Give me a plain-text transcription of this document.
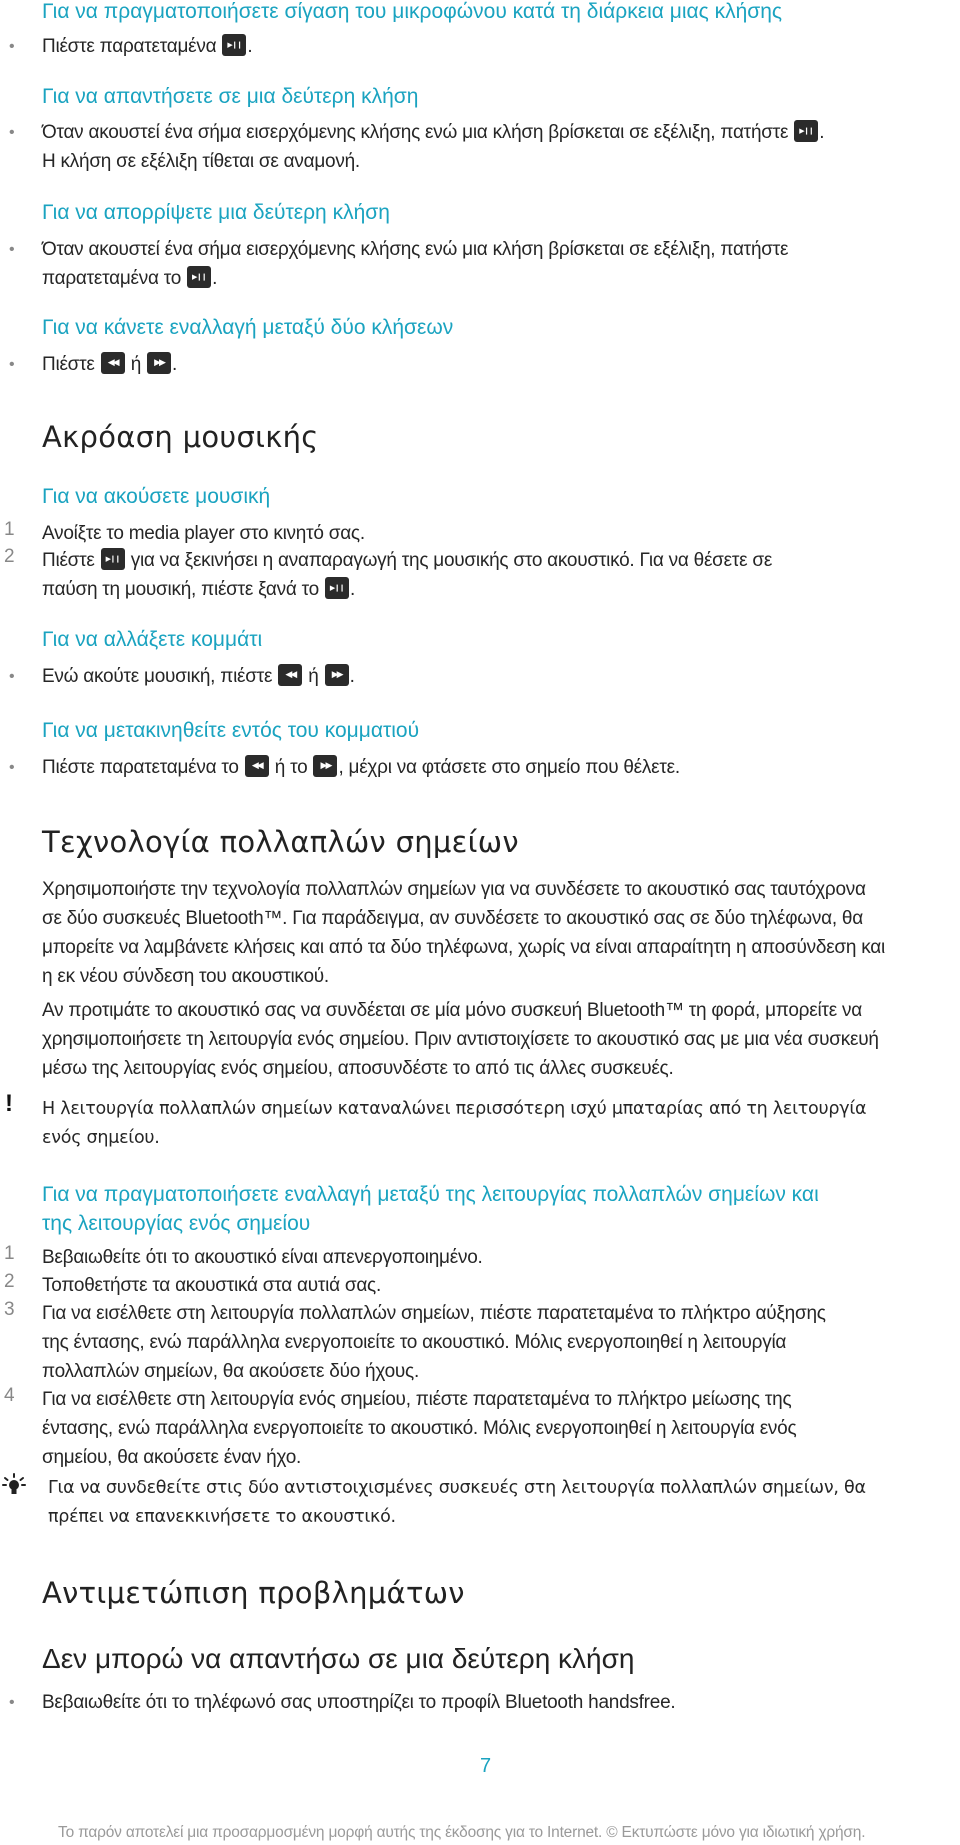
Για να πραγματοποιήσετε σίγαση του μικροφώνου κατά τη διάρκεια μιας κλήσης
• Πιέστε παρατεταμένα ▶❙❙ .
Για να απαντήσετε σε μια δεύτερη κλήση
• Όταν ακουστεί ένα σήμα εισερχόμενης κλήσης ενώ μια κλήση βρίσκεται σε εξέλιξη, πατήστε ▶❙❙ .
Η κλήση σε εξέλιξη τίθεται σε αναμονή.
Για να απορρίψετε μια δεύτερη κλήση
• Όταν ακουστεί ένα σήμα εισερχόμενης κλήσης ενώ μια κλήση βρίσκεται σε εξέλιξη, πατήστε
παρατεταμένα το ▶❙❙ .
Για να κάνετε εναλλαγή μεταξύ δύο κλήσεων
• Πιέστε ◀◀ ή ▶▶ .
Ακρόαση μουσικής
Για να ακούσετε μουσική
1 Ανοίξτε το media player στο κινητό σας.
2 Πιέστε ▶❙❙ για να ξεκινήσει η αναπαραγωγή της μουσικής στο ακουστικό. Για να θέσετε σε
παύση τη μουσική, πιέστε ξανά το ▶❙❙ .
Για να αλλάξετε κομμάτι
• Ενώ ακούτε μουσική, πιέστε ◀◀ ή ▶▶ .
Για να μετακινηθείτε εντός του κομματιού
• Πιέστε παρατεταμένα το ◀◀ ή το ▶▶ , μέχρι να φτάσετε στο σημείο που θέλετε.
Τεχνολογία πολλαπλών σημείων
Χρησιμοποιήστε την τεχνολογία πολλαπλών σημείων για να συνδέσετε το ακουστικό σας ταυτόχρονα
σε δύο συσκευές Bluetooth™. Για παράδειγμα, αν συνδέσετε το ακουστικό σας σε δύο τηλέφωνα, θα
μπορείτε να λαμβάνετε κλήσεις και από τα δύο τηλέφωνα, χωρίς να είναι απαραίτητη η αποσύνδεση και
η εκ νέου σύνδεση του ακουστικού.
Αν προτιμάτε το ακουστικό σας να συνδέεται σε μία μόνο συσκευή Bluetooth™ τη φορά, μπορείτε να
χρησιμοποιήσετε τη λειτουργία ενός σημείου. Πριν αντιστοιχίσετε το ακουστικό σας με μια νέα συσκευή
μέσω της λειτουργίας ενός σημείου, αποσυνδέστε το από τις άλλες συσκευές.
! Η λειτουργία πολλαπλών σημείων καταναλώνει περισσότερη ισχύ μπαταρίας από τη λειτουργία
ενός σημείου.
Για να πραγματοποιήσετε εναλλαγή μεταξύ της λειτουργίας πολλαπλών σημείων και
της λειτουργίας ενός σημείου
1 Βεβαιωθείτε ότι το ακουστικό είναι απενεργοποιημένο.
2 Τοποθετήστε τα ακουστικά στα αυτιά σας.
3 Για να εισέλθετε στη λειτουργία πολλαπλών σημείων, πιέστε παρατεταμένα το πλήκτρο αύξησης
της έντασης, ενώ παράλληλα ενεργοποιείτε το ακουστικό. Μόλις ενεργοποιηθεί η λειτουργία
πολλαπλών σημείων, θα ακούσετε δύο ήχους.
4 Για να εισέλθετε στη λειτουργία ενός σημείου, πιέστε παρατεταμένα το πλήκτρο μείωσης της
έντασης, ενώ παράλληλα ενεργοποιείτε το ακουστικό. Μόλις ενεργοποιηθεί η λειτουργία ενός
σημείου, θα ακούσετε έναν ήχο.
Για να συνδεθείτε στις δύο αντιστοιχισμένες συσκευές στη λειτουργία πολλαπλών σημείων, θα
πρέπει να επανεκκινήσετε το ακουστικό.
Αντιμετώπιση προβλημάτων
Δεν μπορώ να απαντήσω σε μια δεύτερη κλήση
• Βεβαιωθείτε ότι το τηλέφωνό σας υποστηρίζει το προφίλ Bluetooth handsfree.
7
Το παρόν αποτελεί μια προσαρμοσμένη μορφή αυτής της έκδοσης για το Internet. © Εκτυπώστε μόνο για ιδιωτική χρήση.
